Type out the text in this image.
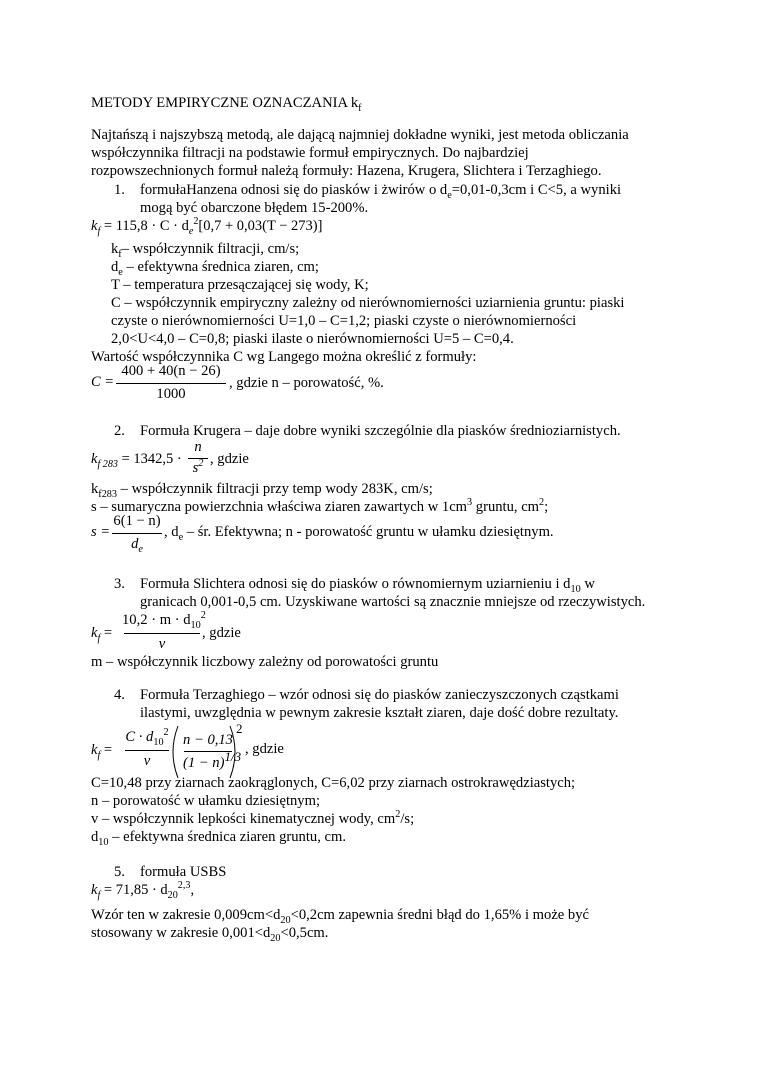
METODY EMPIRYCZNE OZNACZANIA $k_f$
Najtańszą i najszybszą metodą, ale dającą najmniej dokładne wyniki, jest metoda obliczania
współczynnika filtracji na podstawie formuł empirycznych. Do najbardziej
rozpowszechnionych formuł należą formuły: Hazena, Krugera, Slichtera i Terzaghiego.
1. formułaHanzena odnosi się do piasków i żwirów o $d_e=0,01-0,3cm$ i C<5, a wyniki
mogą być obarczone błędem 15-200%.
$k_f = 115,8 \cdot C \cdot d_e^2[0,7 + 0,03(T - 273)]$
$k_f-$ współczynnik filtracji, cm/s;
$d_e$ – efektywna średnica ziaren, cm;
T – temperatura przesączającej się wody, K;
C – współczynnik empiryczny zależny od nierównomierności uziarnienia gruntu: piaski
czyste o nierównomierności U=1,0 – C=1,2; piaski czyste o nierównomierności
2,0<U<4,0 – C=0,8; piaski ilaste o nierównomierności U=5 – C=0,4.
Wartość współczynnika C wg Langego można określić z formuły:
C =
400 + 40(n − 26)
1000
, gdzie n – porowatość, %.
2. Formuła Krugera – daje dobre wyniki szczególnie dla piasków średnioziarnistych.
$k_{f 283} = 1342,5$ ·
n
$s^2$ , gdzie
$k_{f283}$ – współczynnik filtracji przy temp wody 283K, cm/s;
s – sumaryczna powierzchnia właściwa ziaren zawartych w $1cm^3$ gruntu, $cm^2$;
s =
6(1 − n)
$d_e$
, $d_e$ – śr. Efektywna; n - porowatość gruntu w ułamku dziesiętnym.
3. Formuła Slichtera odnosi się do piasków o równomiernym uziarnieniu i $d_{10}$ w
granicach 0,001-0,5 cm. Uzyskiwane wartości są znacznie mniejsze od rzeczywistych.
$k_f$ =
$10,2 \cdot m \cdot d_{10}^2$
ν
, gdzie
m – współczynnik liczbowy zależny od porowatości gruntu
4. Formuła Terzaghiego – wzór odnosi się do piasków zanieczyszczonych cząstkami
ilastymi, uwzględnia w pewnym zakresie kształt ziaren, daje dość dobre rezultaty.
$k_f$ =
$C \cdot d_{10}^2$
ν
n − 0,13
$(1 - n)^{1/3}$
2
, gdzie
C=10,48 przy ziarnach zaokrąglonych, C=6,02 przy ziarnach ostrokrawędziastych;
n – porowatość w ułamku dziesiętnym;
v – współczynnik lepkości kinematycznej wody, $cm^2/s$;
$d_{10}$ – efektywna średnica ziaren gruntu, cm.
5. formuła USBS
$k_f = 71,85 \cdot d_{20}^{2,3}$,
Wzór ten w zakresie $0,009cm<d_{20}<0,2cm$ zapewnia średni błąd do 1,65% i może być
stosowany w zakresie $0,001<d_{20}<0,5cm$.
